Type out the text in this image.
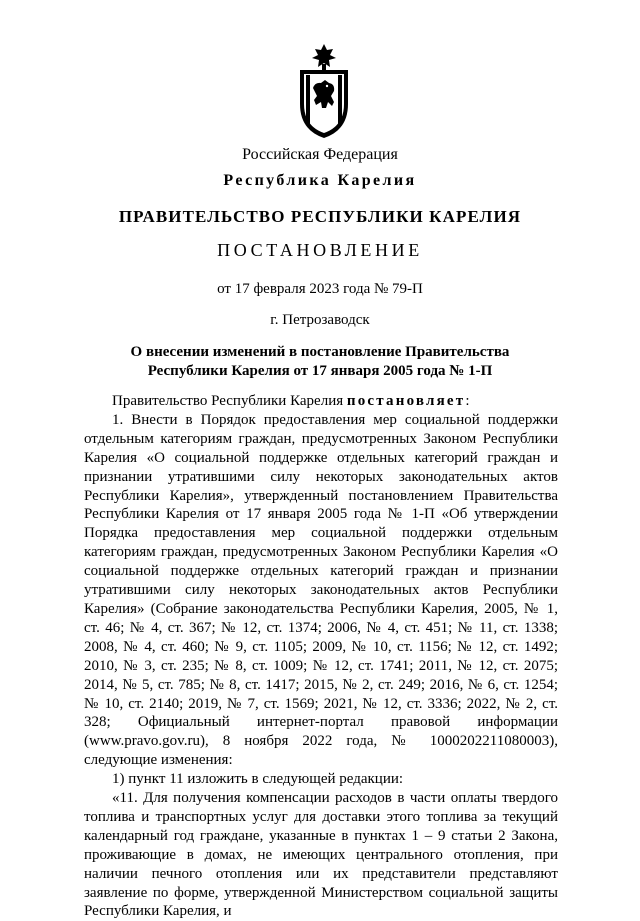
Российская Федерация
Республика Карелия
ПРАВИТЕЛЬСТВО РЕСПУБЛИКИ КАРЕЛИЯ
ПОСТАНОВЛЕНИЕ
от 17 февраля 2023 года № 79-П
г. Петрозаводск
О внесении изменений в постановление Правительства Республики Карелия от 17 января 2005 года № 1-П

Правительство Республики Карелия постановляет:

1. Внести в Порядок предоставления мер социальной поддержки отдельным категориям граждан, предусмотренных Законом Республики Карелия «О социальной поддержке отдельных категорий граждан и признании утратившими силу некоторых законодательных актов Республики Карелия», утвержденный постановлением Правительства Республики Карелия от 17 января 2005 года № 1-П «Об утверждении Порядка предоставления мер социальной поддержки отдельным категориям граждан, предусмотренных Законом Республики Карелия «О социальной поддержке отдельных категорий граждан и признании утратившими силу некоторых законодательных актов Республики Карелия» (Собрание законодательства Республики Карелия, 2005, № 1, ст. 46; № 4, ст. 367; № 12, ст. 1374; 2006, № 4, ст. 451; № 11, ст. 1338; 2008, № 4, ст. 460; № 9, ст. 1105; 2009, № 10, ст. 1156; № 12, ст. 1492; 2010, № 3, ст. 235; № 8, ст. 1009; № 12, ст. 1741; 2011, № 12, ст. 2075; 2014, № 5, ст. 785; № 8, ст. 1417; 2015, № 2, ст. 249; 2016, № 6, ст. 1254; № 10, ст. 2140; 2019, № 7, ст. 1569; 2021, № 12, ст. 3336; 2022, № 2, ст. 328; Официальный интернет-портал правовой информации (www.pravo.gov.ru), 8 ноября 2022 года, № 1000202211080003), следующие изменения:

1) пункт 11 изложить в следующей редакции:

«11. Для получения компенсации расходов в части оплаты твердого топлива и транспортных услуг для доставки этого топлива за текущий календарный год граждане, указанные в пунктах 1 – 9 статьи 2 Закона, проживающие в домах, не имеющих центрального отопления, при наличии печного отопления или их представители представляют заявление по форме, утвержденной Министерством социальной защиты Республики Карелия, и
